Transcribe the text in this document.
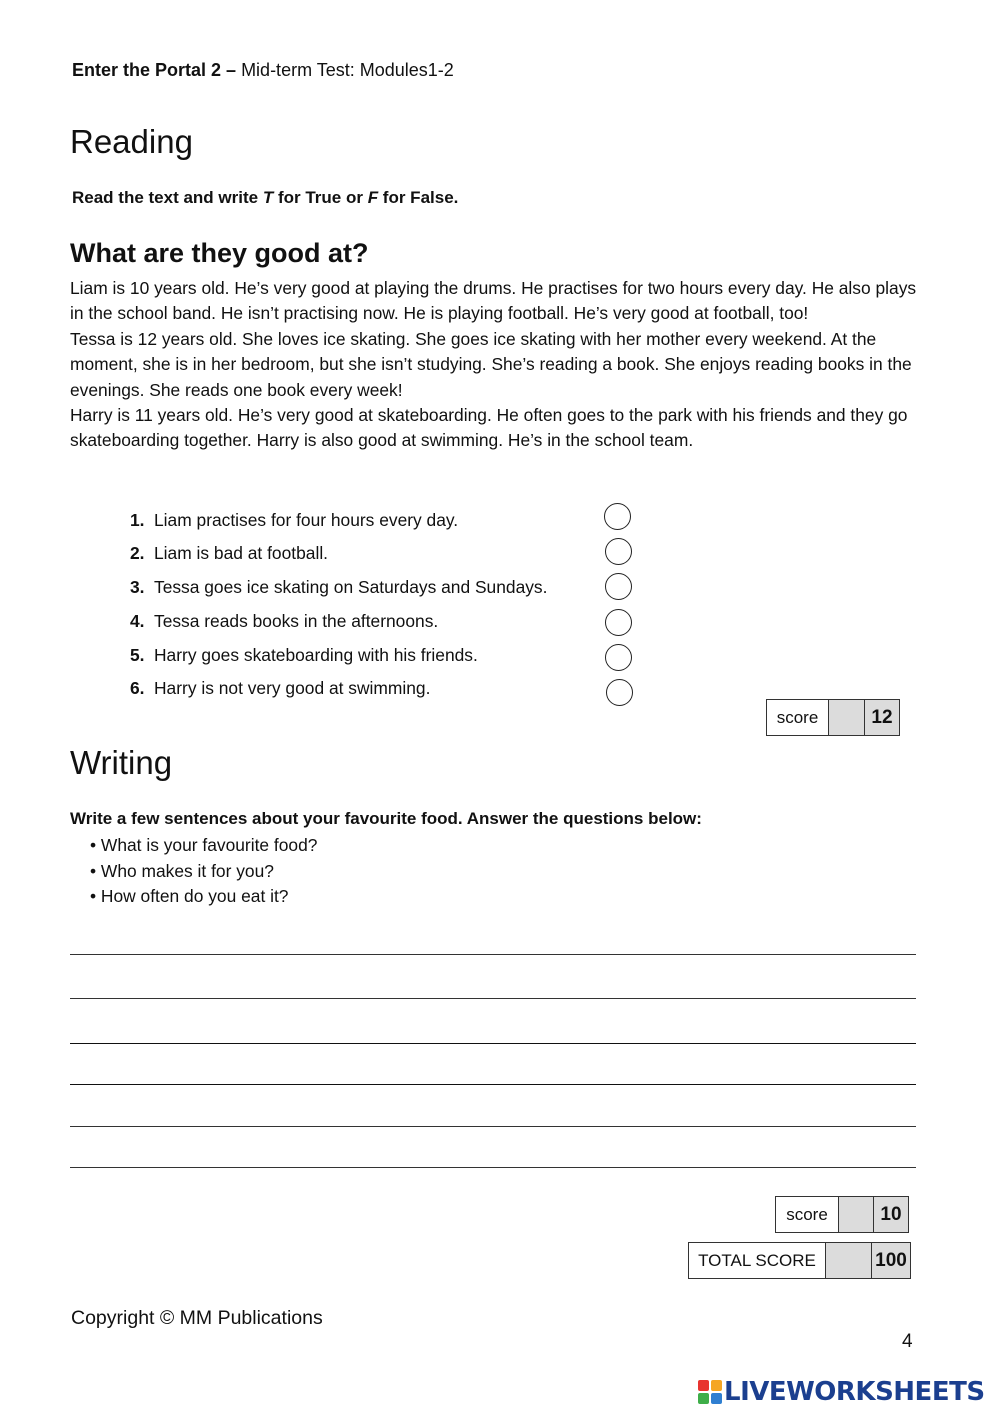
Enter the Portal 2 – Mid-term Test: Modules1-2
Reading
Read the text and write T for True or F for False.
What are they good at?

Liam is 10 years old. He’s very good at playing the drums. He practises for two hours every day. He also plays in the school band. He isn’t practising now. He is playing football. He’s very good at football, too!

Tessa is 12 years old. She loves ice skating. She goes ice skating with her mother every weekend. At the moment, she is in her bedroom, but she isn’t studying. She’s reading a book. She enjoys reading books in the evenings. She reads one book every week!

Harry is 11 years old. He’s very good at skateboarding. He often goes to the park with his friends and they go skateboarding together. Harry is also good at swimming. He’s in the school team.

1. Liam practises for four hours every day.
2. Liam is bad at football.
3. Tessa goes ice skating on Saturdays and Sundays.
4. Tessa reads books in the afternoons.
5. Harry goes skateboarding with his friends.
6. Harry is not very good at swimming.
score	12
Writing
Write a few sentences about your favourite food. Answer the questions below:
• What is your favourite food?
• Who makes it for you?
• How often do you eat it?
score	10
TOTAL SCORE	100
Copyright © MM Publications
4
LIVEWORKSHEETS
